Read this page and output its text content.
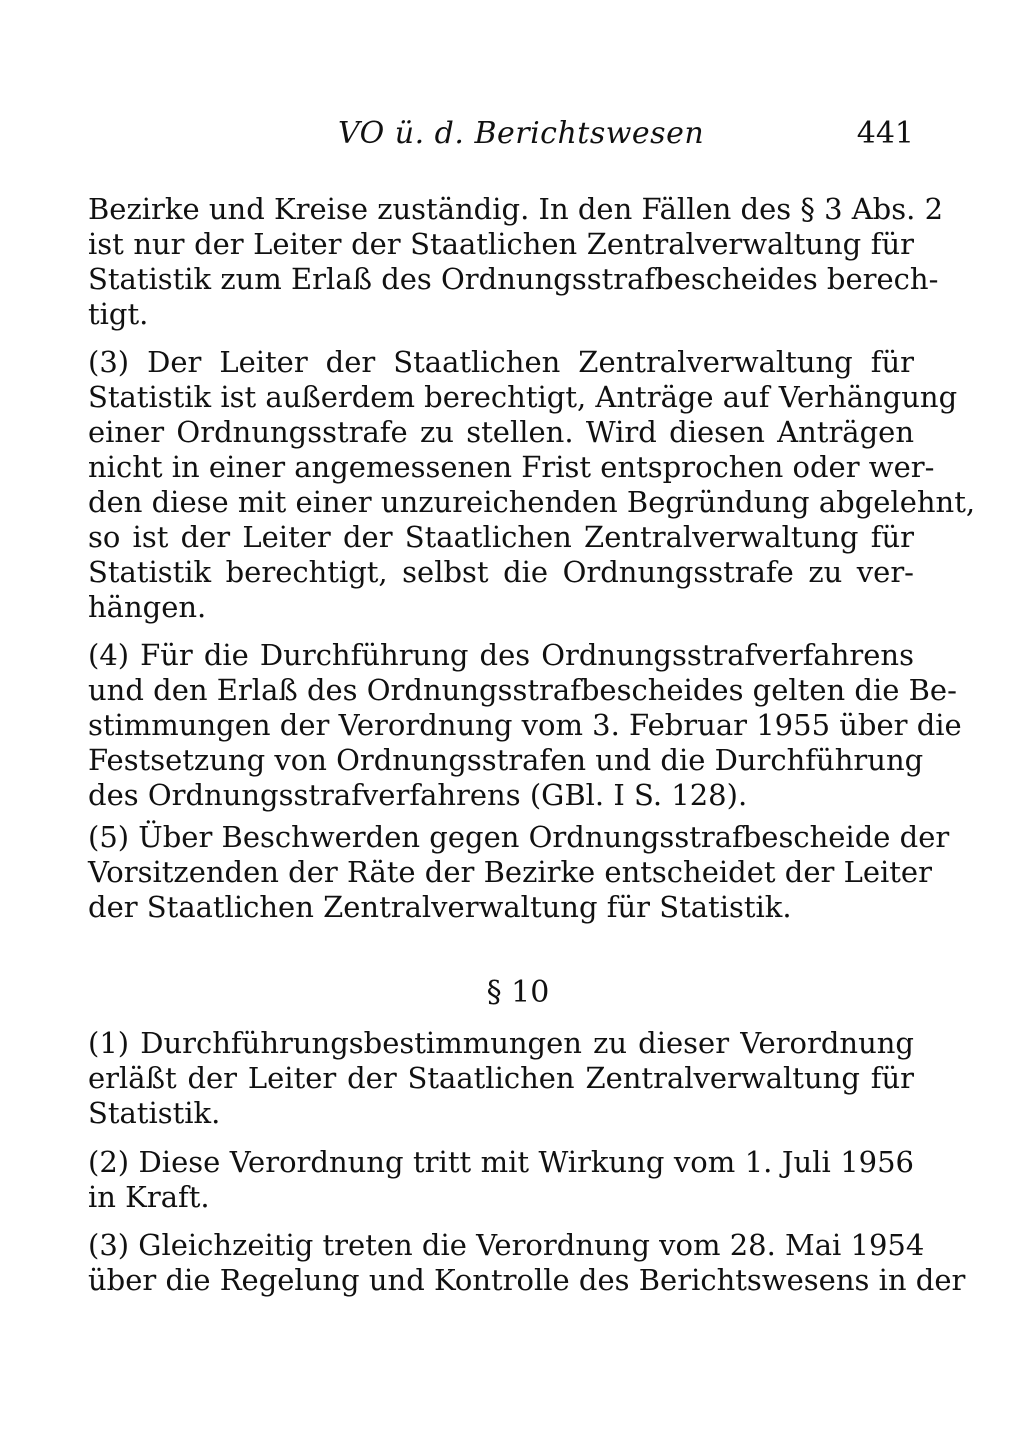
VO ü. d. Berichtswesen	441
Bezirke und Kreise zuständig. In den Fällen des § 3 Abs. 2
ist nur der Leiter der Staatlichen Zentralverwaltung für
Statistik zum Erlaß des Ordnungsstrafbescheides berech-
tigt.
(3) Der Leiter der Staatlichen Zentralverwaltung für
Statistik ist außerdem berechtigt, Anträge auf Verhängung
einer Ordnungsstrafe zu stellen. Wird diesen Anträgen
nicht in einer angemessenen Frist entsprochen oder wer-
den diese mit einer unzureichenden Begründung abgelehnt,
so ist der Leiter der Staatlichen Zentralverwaltung für
Statistik berechtigt, selbst die Ordnungsstrafe zu ver-
hängen.
(4) Für die Durchführung des Ordnungsstrafverfahrens
und den Erlaß des Ordnungsstrafbescheides gelten die Be-
stimmungen der Verordnung vom 3. Februar 1955 über die
Festsetzung von Ordnungsstrafen und die Durchführung
des Ordnungsstrafverfahrens (GBl. I S. 128).
(5) Über Beschwerden gegen Ordnungsstrafbescheide der
Vorsitzenden der Räte der Bezirke entscheidet der Leiter
der Staatlichen Zentralverwaltung für Statistik.
§ 10
(1) Durchführungsbestimmungen zu dieser Verordnung
erläßt der Leiter der Staatlichen Zentralverwaltung für
Statistik.
(2) Diese Verordnung tritt mit Wirkung vom 1. Juli 1956
in Kraft.
(3) Gleichzeitig treten die Verordnung vom 28. Mai 1954
über die Regelung und Kontrolle des Berichtswesens in der
